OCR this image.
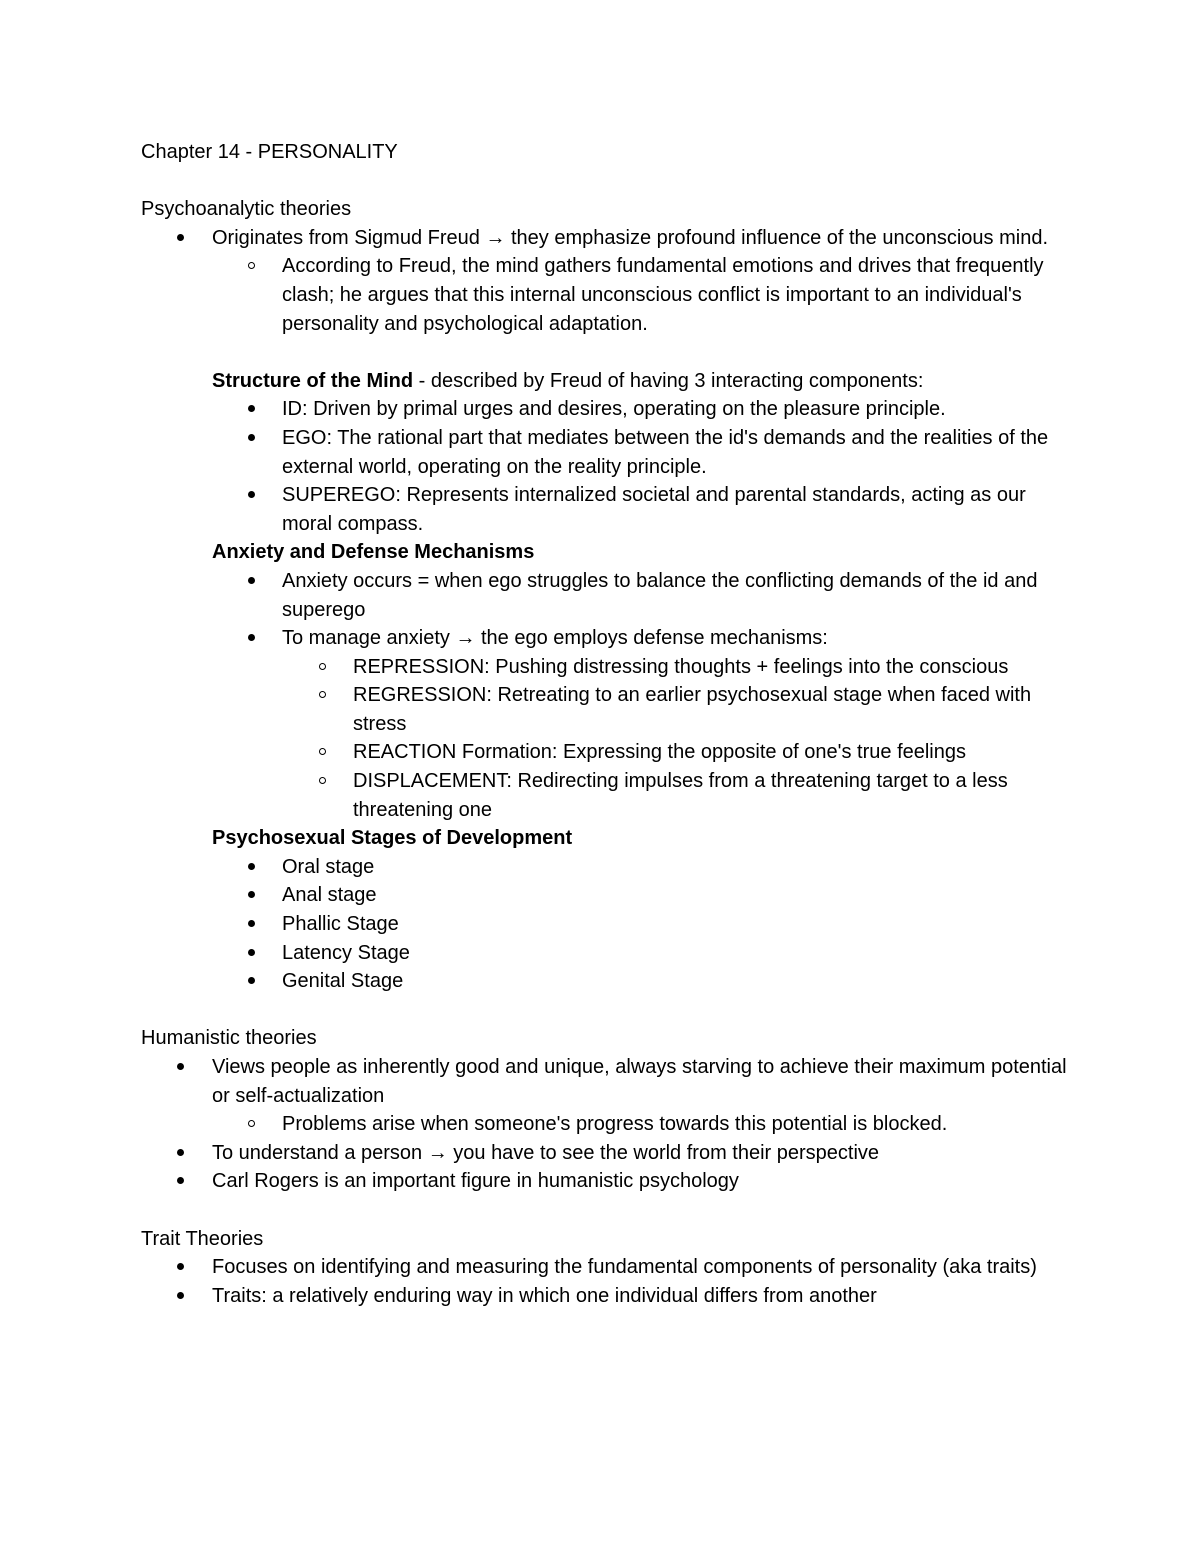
Chapter 14 - PERSONALITY

Psychoanalytic theories

Originates from Sigmud Freud → they emphasize profound influence of the unconscious mind.
According to Freud, the mind gathers fundamental emotions and drives that frequently clash; he argues that this internal unconscious conflict is important to an individual's personality and psychological adaptation.

Structure of the Mind - described by Freud of having 3 interacting components:

ID: Driven by primal urges and desires, operating on the pleasure principle.
EGO: The rational part that mediates between the id's demands and the realities of the external world, operating on the reality principle.
SUPEREGO: Represents internalized societal and parental standards, acting as our moral compass.

Anxiety and Defense Mechanisms

Anxiety occurs = when ego struggles to balance the conflicting demands of the id and superego
To manage anxiety → the ego employs defense mechanisms:
REPRESSION: Pushing distressing thoughts + feelings into the conscious
REGRESSION: Retreating to an earlier psychosexual stage when faced with stress
REACTION Formation: Expressing the opposite of one's true feelings
DISPLACEMENT: Redirecting impulses from a threatening target to a less threatening one

Psychosexual Stages of Development

Oral stage
Anal stage
Phallic Stage
Latency Stage
Genital Stage

Humanistic theories

Views people as inherently good and unique, always starving to achieve their maximum potential or self-actualization
Problems arise when someone's progress towards this potential is blocked.
To understand a person → you have to see the world from their perspective
Carl Rogers is an important figure in humanistic psychology

Trait Theories

Focuses on identifying and measuring the fundamental components of personality (aka traits)
Traits: a relatively enduring way in which one individual differs from another
